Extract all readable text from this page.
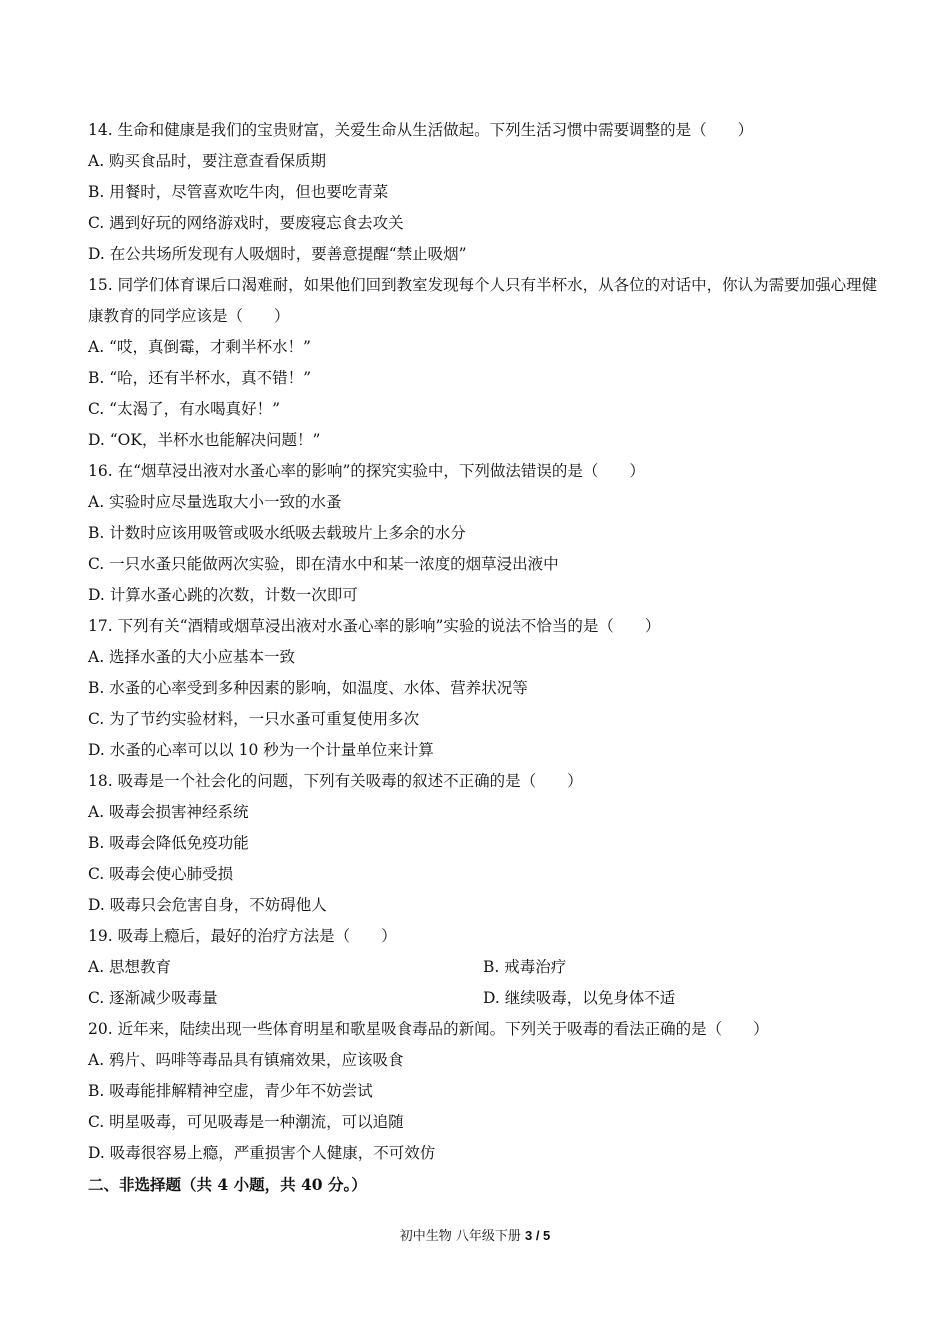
14. 生命和健康是我们的宝贵财富，关爱生命从生活做起。下列生活习惯中需要调整的是（　　）
A. 购买食品时，要注意查看保质期
B. 用餐时，尽管喜欢吃牛肉，但也要吃青菜
C. 遇到好玩的网络游戏时，要废寝忘食去攻关
D. 在公共场所发现有人吸烟时，要善意提醒“禁止吸烟”
15. 同学们体育课后口渴难耐，如果他们回到教室发现每个人只有半杯水，从各位的对话中，你认为需要加强心理健康教育的同学应该是（　　）
A. “哎，真倒霉，才剩半杯水！”
B. “哈，还有半杯水，真不错！”
C. “太渴了，有水喝真好！”
D. “OK，半杯水也能解决问题！”
16. 在“烟草浸出液对水蚤心率的影响”的探究实验中，下列做法错误的是（　　）
A. 实验时应尽量选取大小一致的水蚤
B. 计数时应该用吸管或吸水纸吸去载玻片上多余的水分
C. 一只水蚤只能做两次实验，即在清水中和某一浓度的烟草浸出液中
D. 计算水蚤心跳的次数，计数一次即可
17. 下列有关“酒精或烟草浸出液对水蚤心率的影响”实验的说法不恰当的是（　　）
A. 选择水蚤的大小应基本一致
B. 水蚤的心率受到多种因素的影响，如温度、水体、营养状况等
C. 为了节约实验材料，一只水蚤可重复使用多次
D. 水蚤的心率可以以 10 秒为一个计量单位来计算
18. 吸毒是一个社会化的问题，下列有关吸毒的叙述不正确的是（　　）
A. 吸毒会损害神经系统
B. 吸毒会降低免疫功能
C. 吸毒会使心肺受损
D. 吸毒只会危害自身，不妨碍他人
19. 吸毒上瘾后，最好的治疗方法是（　　）
A. 思想教育	B. 戒毒治疗
C. 逐渐减少吸毒量	D. 继续吸毒，以免身体不适
20. 近年来，陆续出现一些体育明星和歌星吸食毒品的新闻。下列关于吸毒的看法正确的是（　　）
A. 鸦片、吗啡等毒品具有镇痛效果，应该吸食
B. 吸毒能排解精神空虚，青少年不妨尝试
C. 明星吸毒，可见吸毒是一种潮流，可以追随
D. 吸毒很容易上瘾，严重损害个人健康，不可效仿
二、非选择题（共 4 小题，共 40 分。）
初中生物 八年级下册 3 / 5
